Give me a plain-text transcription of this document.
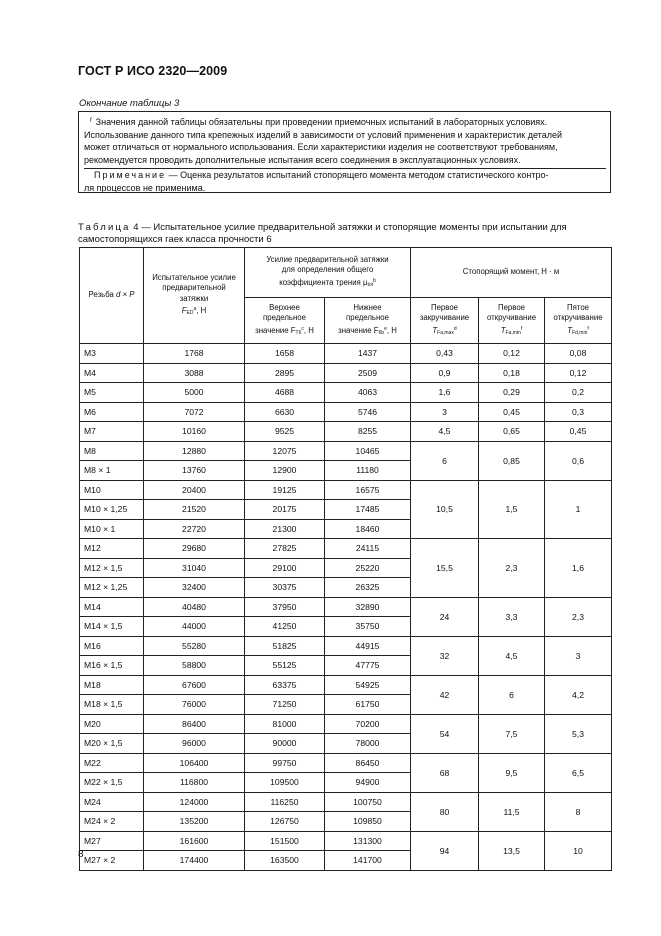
ГОСТ Р ИСО 2320—2009
Окончание таблицы 3
$^f$ Значения данной таблицы обязательны при проведении приемочных испытаний в лабораторных условиях.
Использование данного типа крепежных изделий в зависимости от условий применения и характеристик деталей
может отличаться от нормального использования. Если характеристики изделия не соответствуют требованиям,
рекомендуется проводить дополнительные испытания всего соединения в эксплуатационных условиях.
Примечание — Оценка результатов испытаний стопорящего момента методом статистического контро-
ля процессов не применима.
Таблица 4 — Испытательное усилие предварительной затяжки и стопорящие моменты при испытании для
самостопорящихся гаек класса прочности 6
Резьба d × P	Испытательное усилие
предварительной
затяжки
$F_{ED}^a$, Н	Усилие предварительной затяжки
для определения общего
коэффициента трения $\mu_{tot}^b$		Стопорящий момент, Н · м		
		Верхнее
предельное
значение $F_{T6}^c$, Н	Нижнее
предельное
значение $F_{6b}^e$, Н	Первое
закручивание
$T_{Fa,max}^d$	Первое
откручивание
$T_{Fa,min}^f$	Пятое
откручивание
$T_{Fd,min}^f$
M3	1768	1658	1437	0,43	0,12	0,08
M4	3088	2895	2509	0,9	0,18	0,12
M5	5000	4688	4063	1,6	0,29	0,2
M6	7072	6630	5746	3	0,45	0,3
M7	10160	9525	8255	4,5	0,65	0,45
M8	12880	12075	10465	6	0,85	0,6
M8 × 1	13760	12900	11180			
M10	20400	19125	16575	10,5	1,5	1
M10 × 1,25	21520	20175	17485			
M10 × 1	22720	21300	18460			
M12	29680	27825	24115	15,5	2,3	1,6
M12 × 1,5	31040	29100	25220			
M12 × 1,25	32400	30375	26325			
M14	40480	37950	32890	24	3,3	2,3
M14 × 1,5	44000	41250	35750			
M16	55280	51825	44915	32	4,5	3
M16 × 1,5	58800	55125	47775			
M18	67600	63375	54925	42	6	4,2
M18 × 1,5	76000	71250	61750			
M20	86400	81000	70200	54	7,5	5,3
M20 × 1,5	96000	90000	78000			
M22	106400	99750	86450	68	9,5	6,5
M22 × 1,5	116800	109500	94900			
M24	124000	116250	100750	80	11,5	8
M24 × 2	135200	126750	109850			
M27	161600	151500	131300	94	13,5	10
M27 × 2	174400	163500	141700			
8
